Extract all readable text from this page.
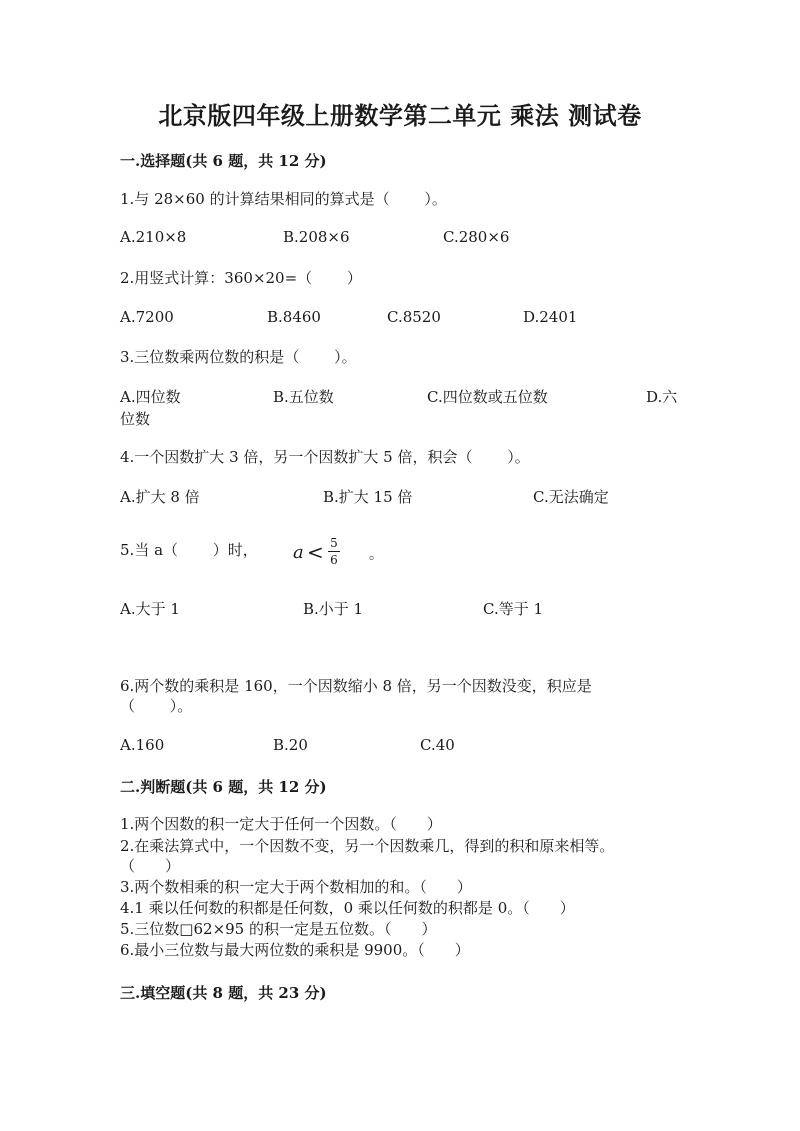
北京版四年级上册数学第二单元 乘法 测试卷
一.选择题(共 6 题，共 12 分)
1.与 28×60 的计算结果相同的算式是（　　 ）。
A.210×8	B.208×6	C.280×6
2.用竖式计算：360×20=（　　 ）
A.7200	B.8460	C.8520	D.2401
3.三位数乘两位数的积是（　　 ）。
A.四位数	B.五位数	C.四位数或五位数	D.六
位数
4.一个因数扩大 3 倍，另一个因数扩大 5 倍，积会（　　 ）。
A.扩大 8 倍	B.扩大 15 倍	C.无法确定
5.当 a（　　 ）时， a < 5
6 。
A.大于 1	B.小于 1	C.等于 1
6.两个数的乘积是 160，一个因数缩小 8 倍，另一个因数没变，积应是
（　　 ）。
A.160	B.20	C.40
二.判断题(共 6 题，共 12 分)
1.两个因数的积一定大于任何一个因数。（　　）
2.在乘法算式中，一个因数不变，另一个因数乘几，得到的积和原来相等。
（　　）
3.两个数相乘的积一定大于两个数相加的和。（　　）
4.1 乘以任何数的积都是任何数，0 乘以任何数的积都是 0。（　　）
5.三位数□62×95 的积一定是五位数。（　　）
6.最小三位数与最大两位数的乘积是 9900。（　　）
三.填空题(共 8 题，共 23 分)
